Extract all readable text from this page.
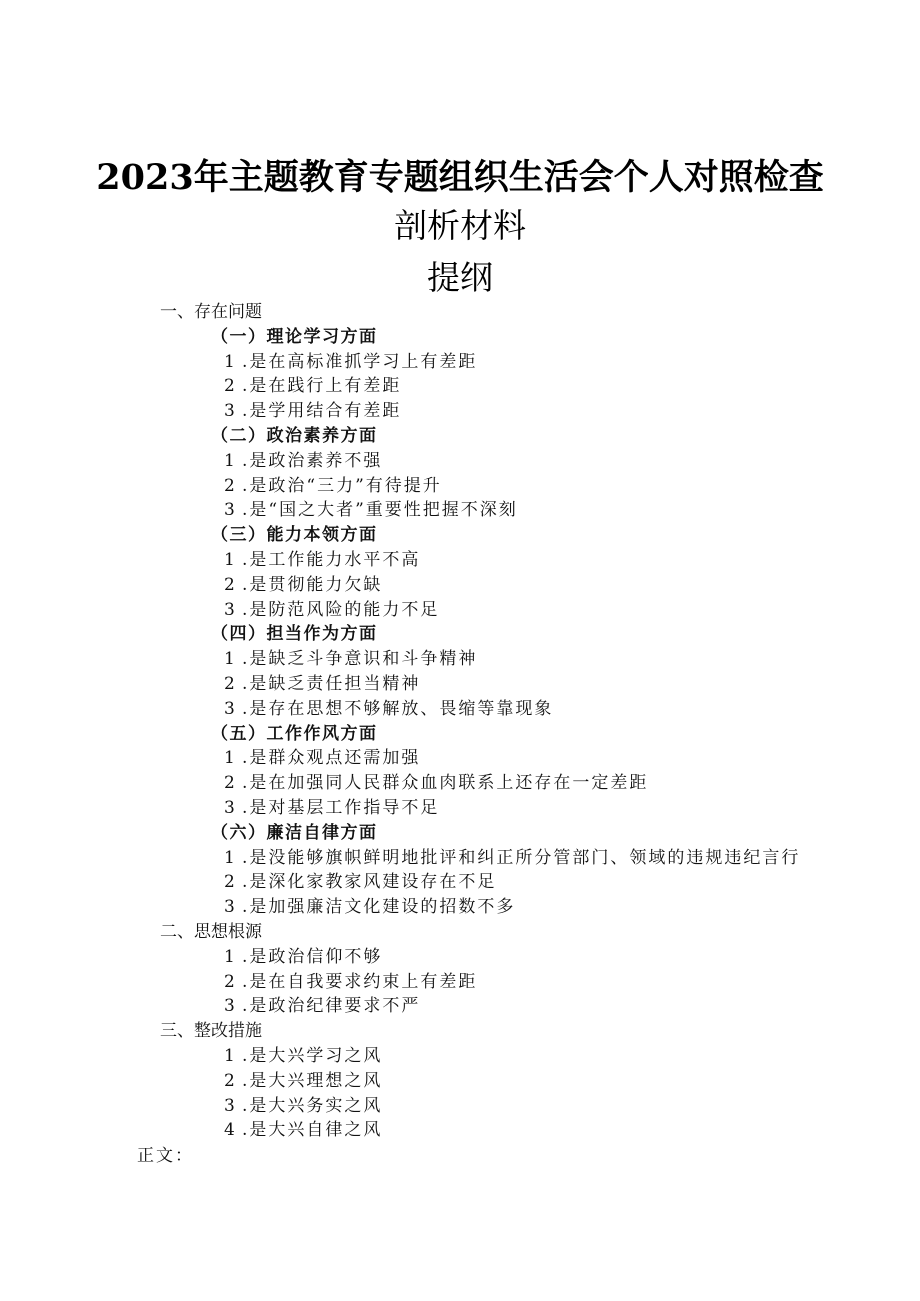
2023年主题教育专题组织生活会个人对照检查
剖析材料
提纲
一、存在问题
（一）理论学习方面
1 .是在高标准抓学习上有差距
2 .是在践行上有差距
3 .是学用结合有差距
（二）政治素养方面
1 .是政治素养不强
2 .是政治“三力”有待提升
3 .是“国之大者”重要性把握不深刻
（三）能力本领方面
1 .是工作能力水平不高
2 .是贯彻能力欠缺
3 .是防范风险的能力不足
（四）担当作为方面
1 .是缺乏斗争意识和斗争精神
2 .是缺乏责任担当精神
3 .是存在思想不够解放、畏缩等靠现象
（五）工作作风方面
1 .是群众观点还需加强
2 .是在加强同人民群众血肉联系上还存在一定差距
3 .是对基层工作指导不足
（六）廉洁自律方面
1 .是没能够旗帜鲜明地批评和纠正所分管部门、领域的违规违纪言行
2 .是深化家教家风建设存在不足
3 .是加强廉洁文化建设的招数不多
二、思想根源
1 .是政治信仰不够
2 .是在自我要求约束上有差距
3 .是政治纪律要求不严
三、整改措施
1 .是大兴学习之风
2 .是大兴理想之风
3 .是大兴务实之风
4 .是大兴自律之风
正文：
